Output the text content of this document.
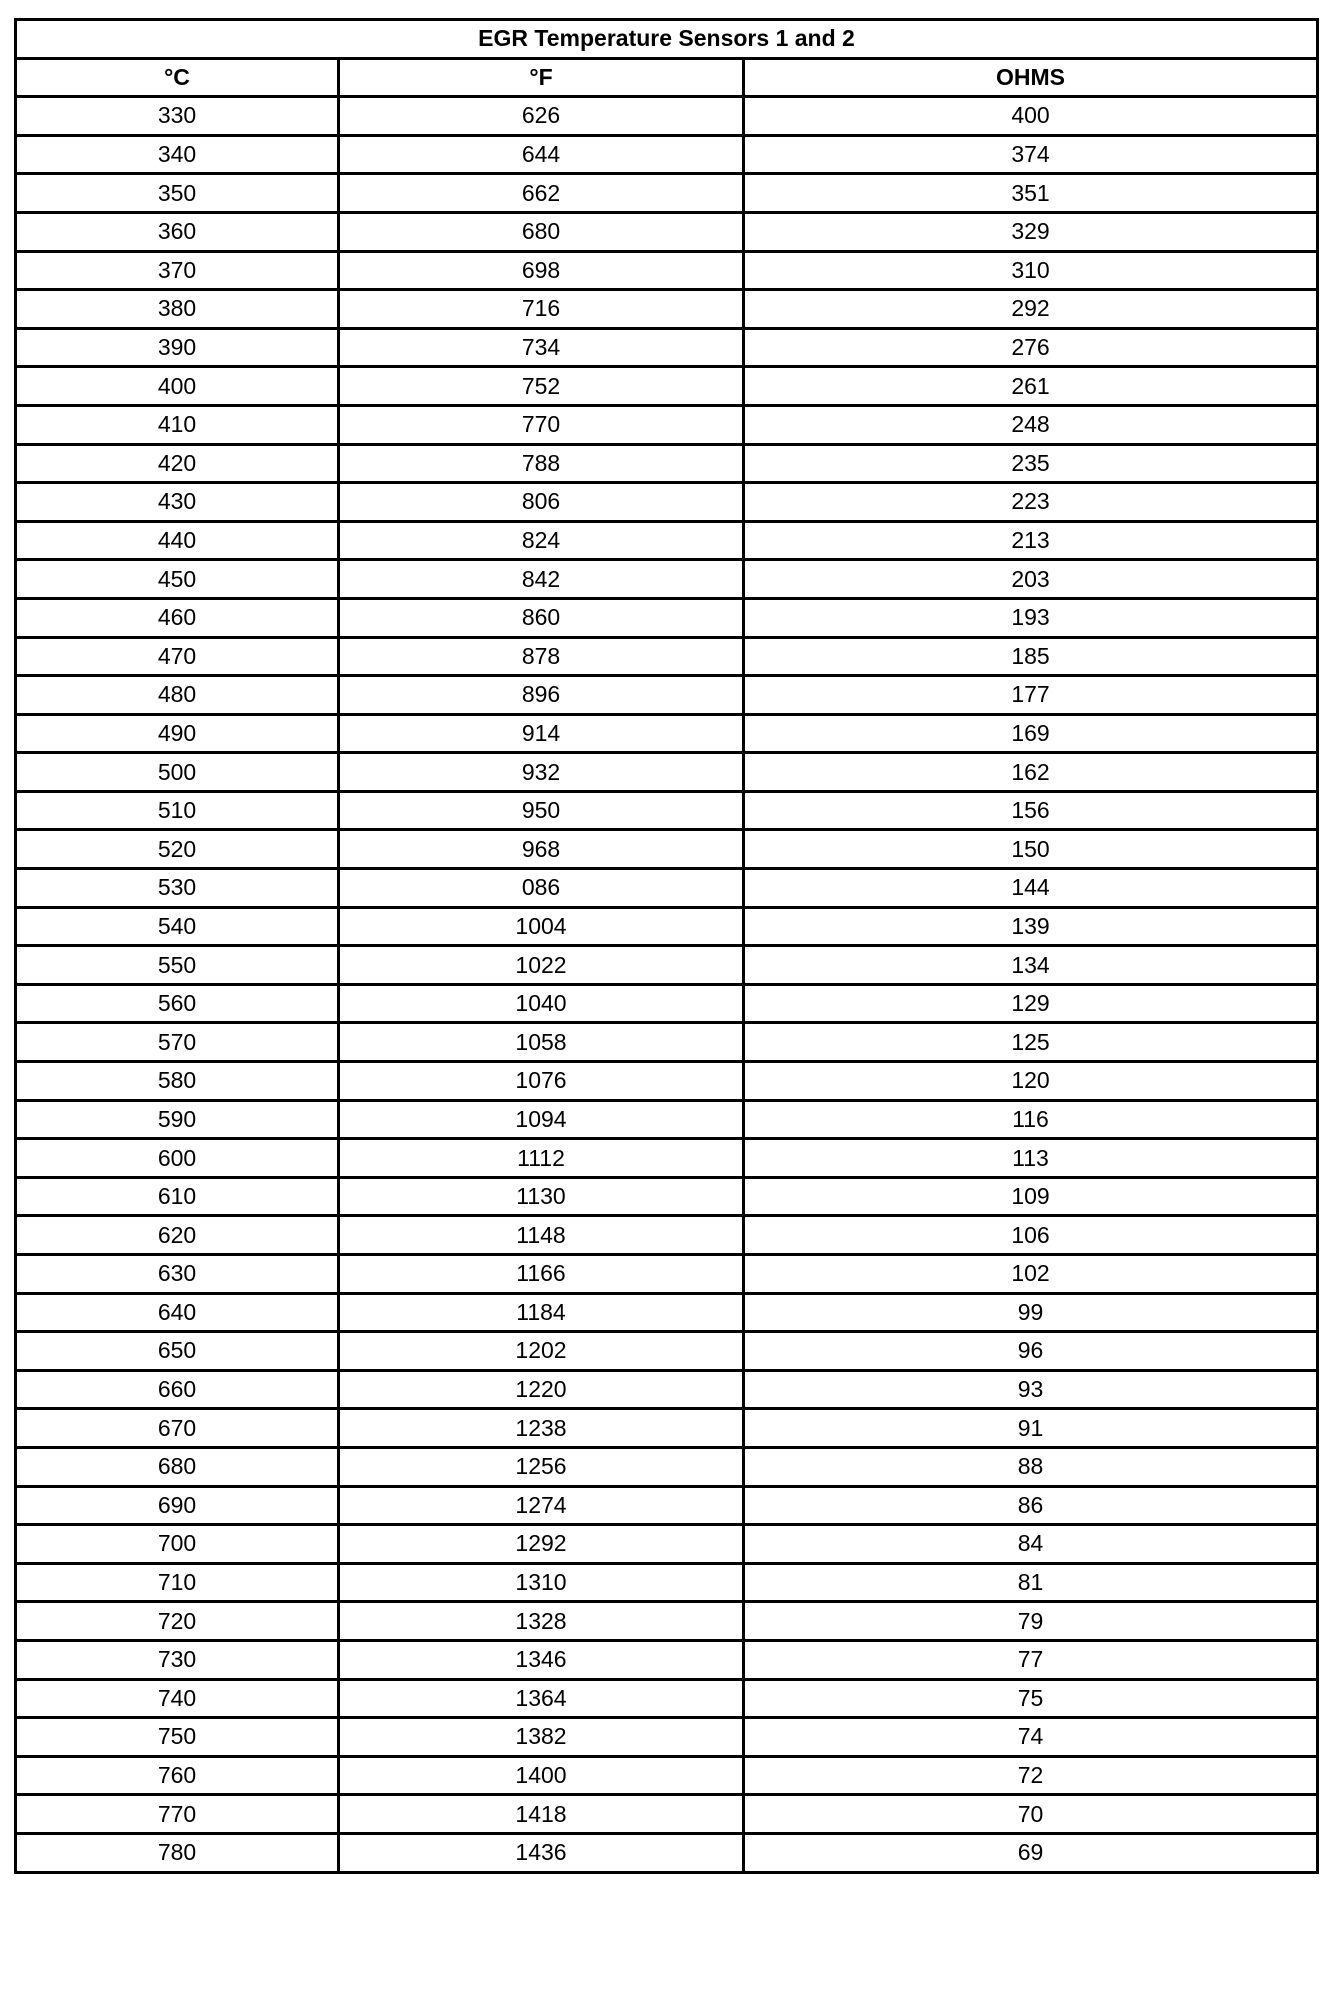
EGR Temperature Sensors 1 and 2		
°C	°F	OHMS
330	626	400
340	644	374
350	662	351
360	680	329
370	698	310
380	716	292
390	734	276
400	752	261
410	770	248
420	788	235
430	806	223
440	824	213
450	842	203
460	860	193
470	878	185
480	896	177
490	914	169
500	932	162
510	950	156
520	968	150
530	086	144
540	1004	139
550	1022	134
560	1040	129
570	1058	125
580	1076	120
590	1094	116
600	1112	113
610	1130	109
620	1148	106
630	1166	102
640	1184	99
650	1202	96
660	1220	93
670	1238	91
680	1256	88
690	1274	86
700	1292	84
710	1310	81
720	1328	79
730	1346	77
740	1364	75
750	1382	74
760	1400	72
770	1418	70
780	1436	69
